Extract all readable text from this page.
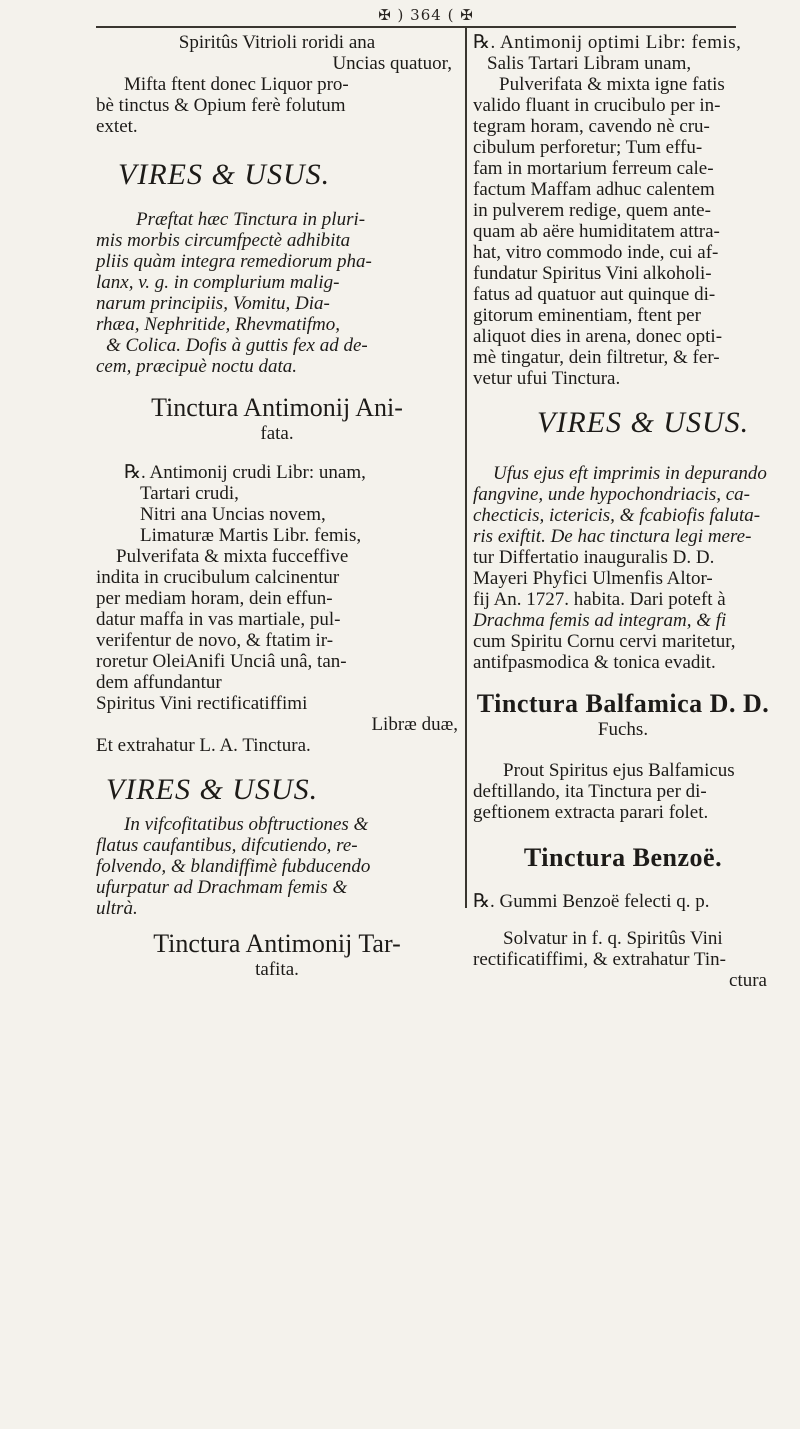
✠ ) 364 ( ✠

Spiritûs Vitrioli roridi ana

Uncias quatuor,

Mifta ftent donec Liquor pro-

bè tinctus & Opium ferè folutum

extet.

VIRES & USUS.

Præftat hæc Tinctura in pluri-

mis morbis circumfpectè adhibita

pliis quàm integra remediorum pha-

lanx, v. g. in complurium malig-

narum principiis, Vomitu, Dia-

rhæa, Nephritide, Rhevmatifmo,

& Colica. Dofis à guttis fex ad de-

cem, præcipuè noctu data.

Tinctura Antimonij Ani-

fata.

℞. Antimonij crudi Libr: unam,

Tartari crudi,

Nitri ana Uncias novem,

Limaturæ Martis Libr. femis,

Pulverifata & mixta fucceffive

indita in crucibulum calcinentur

per mediam horam, dein effun-

datur maffa in vas martiale, pul-

verifentur de novo, & ftatim ir-

roretur OleiAnifi Unciâ unâ, tan-

dem affundantur

Spiritus Vini rectificatiffimi

Libræ duæ,

Et extrahatur L. A. Tinctura.

VIRES & USUS.

In vifcofitatibus obftructiones &

flatus caufantibus, difcutiendo, re-

folvendo, & blandiffimè fubducendo

ufurpatur ad Drachmam femis &

ultrà.

Tinctura Antimonij Tar-

tafita.

℞. Antimonij optimi Libr: femis,

Salis Tartari Libram unam,

Pulverifata & mixta igne fatis

valido fluant in crucibulo per in-

tegram horam, cavendo nè cru-

cibulum perforetur; Tum effu-

fam in mortarium ferreum cale-

factum Maffam adhuc calentem

in pulverem redige, quem ante-

quam ab aëre humiditatem attra-

hat, vitro commodo inde, cui af-

fundatur Spiritus Vini alkoholi-

fatus ad quatuor aut quinque di-

gitorum eminentiam, ftent per

aliquot dies in arena, donec opti-

mè tingatur, dein filtretur, & fer-

vetur ufui Tinctura.

VIRES & USUS.

Ufus ejus eft imprimis in depurando

fangvine, unde hypochondriacis, ca-

checticis, ictericis, & fcabiofis faluta-

ris exiftit. De hac tinctura legi mere-

tur Differtatio inauguralis D. D.

Mayeri Phyfici Ulmenfis Altor-

fij An. 1727. habita. Dari poteft à

Drachma femis ad integram, & fi

cum Spiritu Cornu cervi maritetur,

antifpasmodica & tonica evadit.

Tinctura Balfamica D. D.

Fuchs.

Prout Spiritus ejus Balfamicus

deftillando, ita Tinctura per di-

geftionem extracta parari folet.

Tinctura Benzoë.

℞. Gummi Benzoë felecti q. p.

Solvatur in f. q. Spiritûs Vini

rectificatiffimi, & extrahatur Tin-

ctura
